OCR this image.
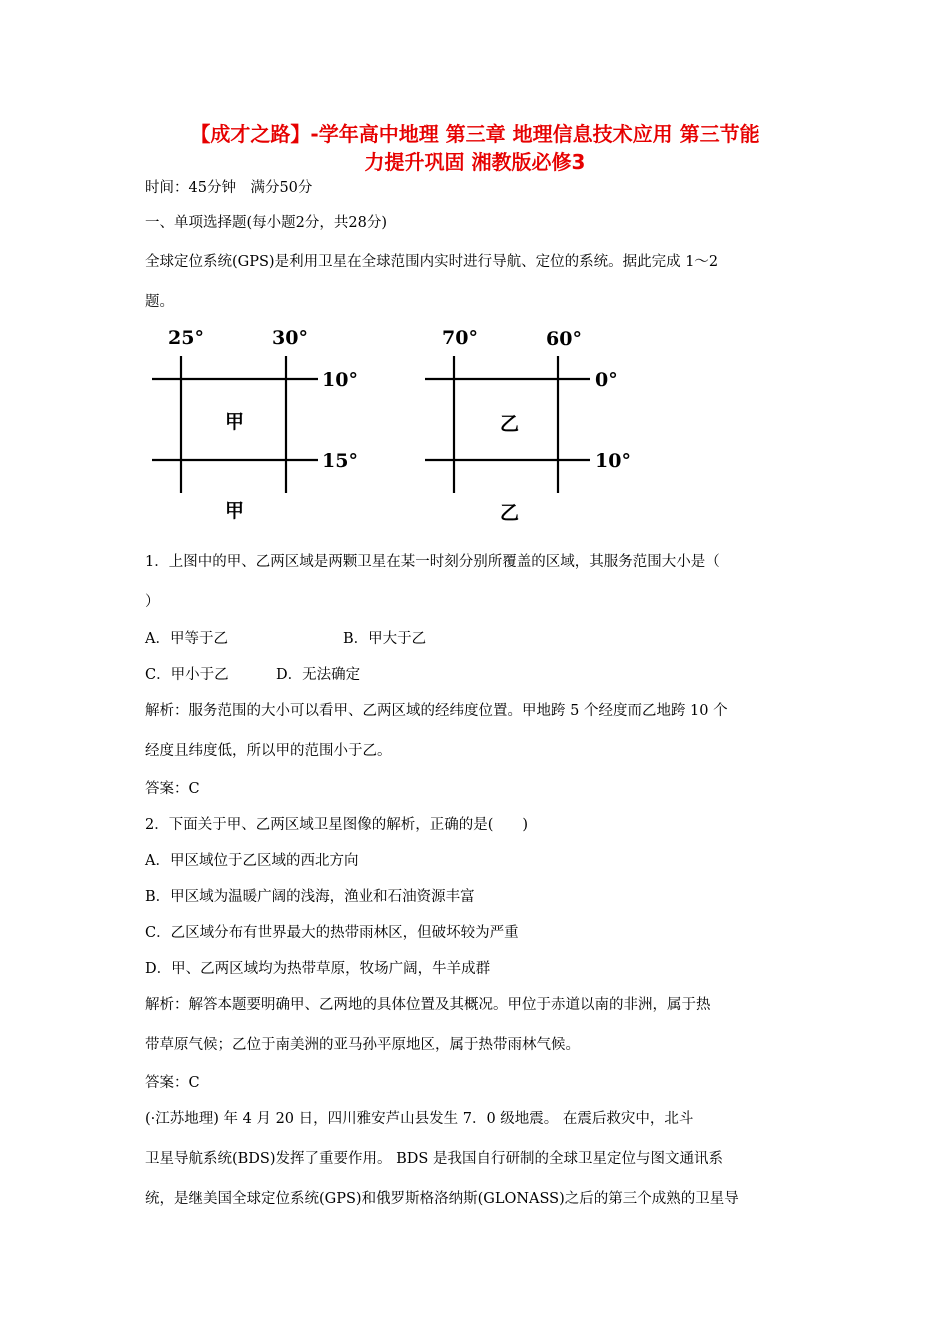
【成才之路】-学年高中地理 第三章 地理信息技术应用 第三节能
力提升巩固 湘教版必修3
时间：45分钟　满分50分
一、单项选择题(每小题2分，共28分)
全球定位系统(GPS)是利用卫星在全球范围内实时进行导航、定位的系统。据此完成 1～2
题。
25°	30°
10°
15°
甲
甲
70°	60°
0°
10°
乙
乙
1．上图中的甲、乙两区域是两颗卫星在某一时刻分别所覆盖的区域，其服务范围大小是（
）
A．甲等于乙	B．甲大于乙
C．甲小于乙	D．无法确定
解析：服务范围的大小可以看甲、乙两区域的经纬度位置。甲地跨 5 个经度而乙地跨 10 个
经度且纬度低，所以甲的范围小于乙。
答案：C
2．下面关于甲、乙两区域卫星图像的解析，正确的是(　　)
A．甲区域位于乙区域的西北方向
B．甲区域为温暖广阔的浅海，渔业和石油资源丰富
C．乙区域分布有世界最大的热带雨林区，但破坏较为严重
D．甲、乙两区域均为热带草原，牧场广阔，牛羊成群
解析：解答本题要明确甲、乙两地的具体位置及其概况。甲位于赤道以南的非洲，属于热
带草原气候；乙位于南美洲的亚马孙平原地区，属于热带雨林气候。
答案：C
(·江苏地理) 年 4 月 20 日，四川雅安芦山县发生 7．0 级地震。 在震后救灾中，北斗
卫星导航系统(BDS)发挥了重要作用。 BDS 是我国自行研制的全球卫星定位与图文通讯系
统，是继美国全球定位系统(GPS)和俄罗斯格洛纳斯(GLONASS)之后的第三个成熟的卫星导
